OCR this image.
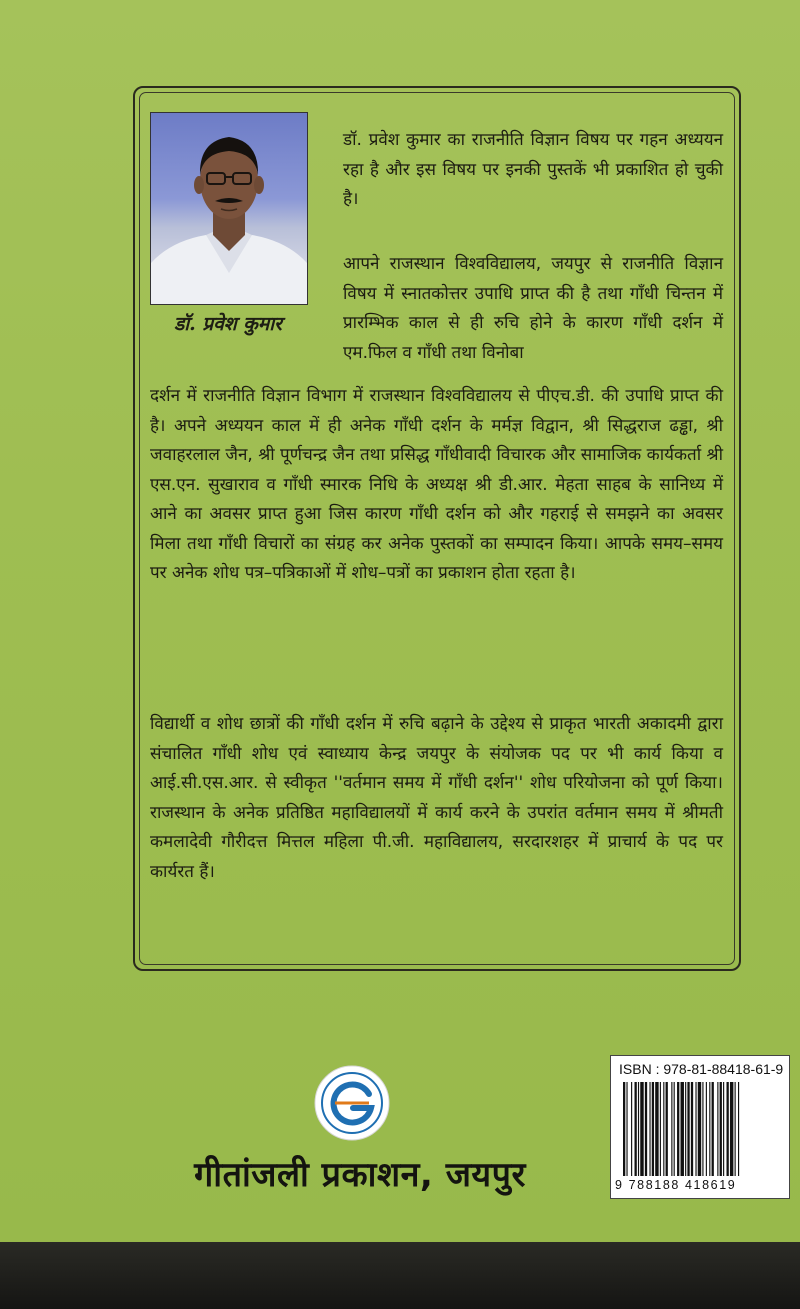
डॉ. प्रवेश कुमार

डॉ. प्रवेश कुमार का राजनीति विज्ञान विषय पर गहन अध्ययन रहा है और इस विषय पर इनकी पुस्तकें भी प्रकाशित हो चुकी है।

आपने राजस्थान विश्वविद्यालय, जयपुर से राजनीति विज्ञान विषय में स्नातकोत्तर उपाधि प्राप्त की है तथा गाँधी चिन्तन में प्रारम्भिक काल से ही रुचि होने के कारण गाँधी दर्शन में एम.फिल व गाँधी तथा विनोबा

दर्शन में राजनीति विज्ञान विभाग में राजस्थान विश्वविद्यालय से पीएच.डी. की उपाधि प्राप्त की है। अपने अध्ययन काल में ही अनेक गाँधी दर्शन के मर्मज्ञ विद्वान, श्री सिद्धराज ढड्ढा, श्री जवाहरलाल जैन, श्री पूर्णचन्द्र जैन तथा प्रसिद्ध गाँधीवादी विचारक और सामाजिक कार्यकर्ता श्री एस.एन. सुखाराव व गाँधी स्मारक निधि के अध्यक्ष श्री डी.आर. मेहता साहब के सानिध्य में आने का अवसर प्राप्त हुआ जिस कारण गाँधी दर्शन को और गहराई से समझने का अवसर मिला तथा गाँधी विचारों का संग्रह कर अनेक पुस्तकों का सम्पादन किया। आपके समय–समय पर अनेक शोध पत्र–पत्रिकाओं में शोध–पत्रों का प्रकाशन होता रहता है।

विद्यार्थी व शोध छात्रों की गाँधी दर्शन में रुचि बढ़ाने के उद्देश्य से प्राकृत भारती अकादमी द्वारा संचालित गाँधी शोध एवं स्वाध्याय केन्द्र जयपुर के संयोजक पद पर भी कार्य किया व आई.सी.एस.आर. से स्वीकृत ''वर्तमान समय में गाँधी दर्शन'' शोध परियोजना को पूर्ण किया। राजस्थान के अनेक प्रतिष्ठित महाविद्यालयों में कार्य करने के उपरांत वर्तमान समय में श्रीमती कमलादेवी गौरीदत्त मित्तल महिला पी.जी. महाविद्यालय, सरदारशहर में प्राचार्य के पद पर कार्यरत हैं।

गीतांजली प्रकाशन, जयपुर
ISBN : 978-81-88418-61-9
9 788188 418619
